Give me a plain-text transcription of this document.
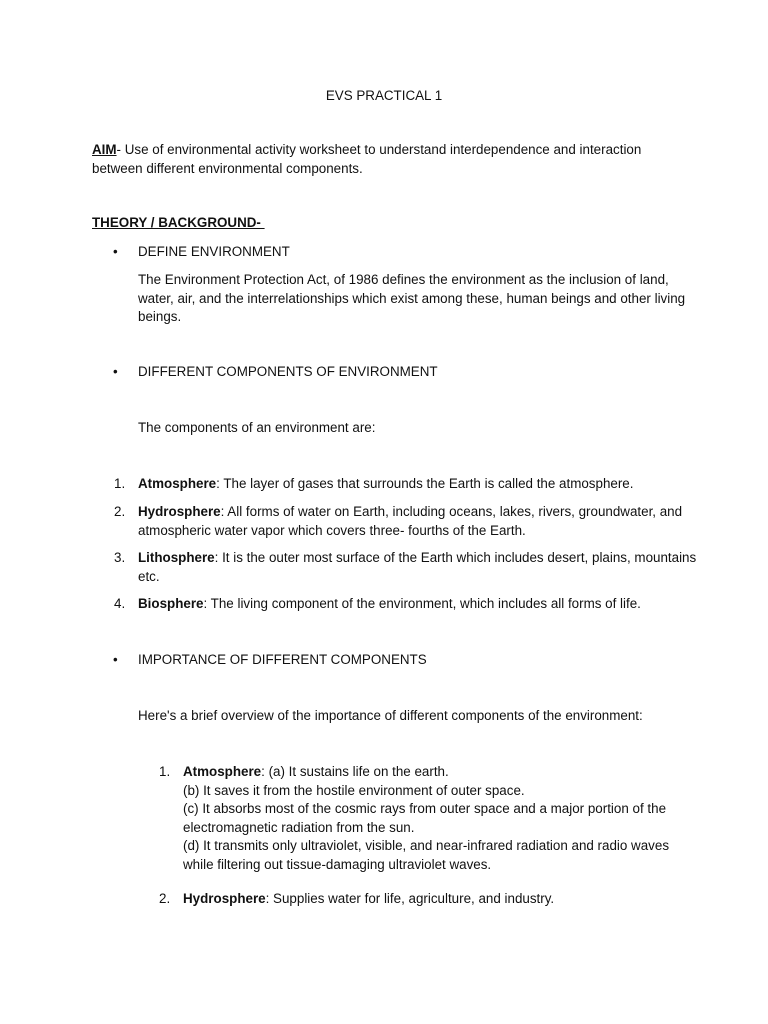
EVS PRACTICAL 1
AIM- Use of environmental activity worksheet to understand interdependence and interaction between different environmental components.
THEORY / BACKGROUND-
• DEFINE ENVIRONMENT
The Environment Protection Act, of 1986 defines the environment as the inclusion of land, water, air, and the interrelationships which exist among these, human beings and other living beings.
• DIFFERENT COMPONENTS OF ENVIRONMENT
The components of an environment are:
1. Atmosphere: The layer of gases that surrounds the Earth is called the atmosphere.
2. Hydrosphere: All forms of water on Earth, including oceans, lakes, rivers, groundwater, and atmospheric water vapor which covers three- fourths of the Earth.
3. Lithosphere: It is the outer most surface of the Earth which includes desert, plains, mountains etc.
4. Biosphere: The living component of the environment, which includes all forms of life.
• IMPORTANCE OF DIFFERENT COMPONENTS
Here's a brief overview of the importance of different components of the environment:
1. Atmosphere: (a) It sustains life on the earth.
(b) It saves it from the hostile environment of outer space.
(c) It absorbs most of the cosmic rays from outer space and a major portion of the electromagnetic radiation from the sun.
(d) It transmits only ultraviolet, visible, and near-infrared radiation and radio waves while filtering out tissue-damaging ultraviolet waves.
2. Hydrosphere: Supplies water for life, agriculture, and industry.
